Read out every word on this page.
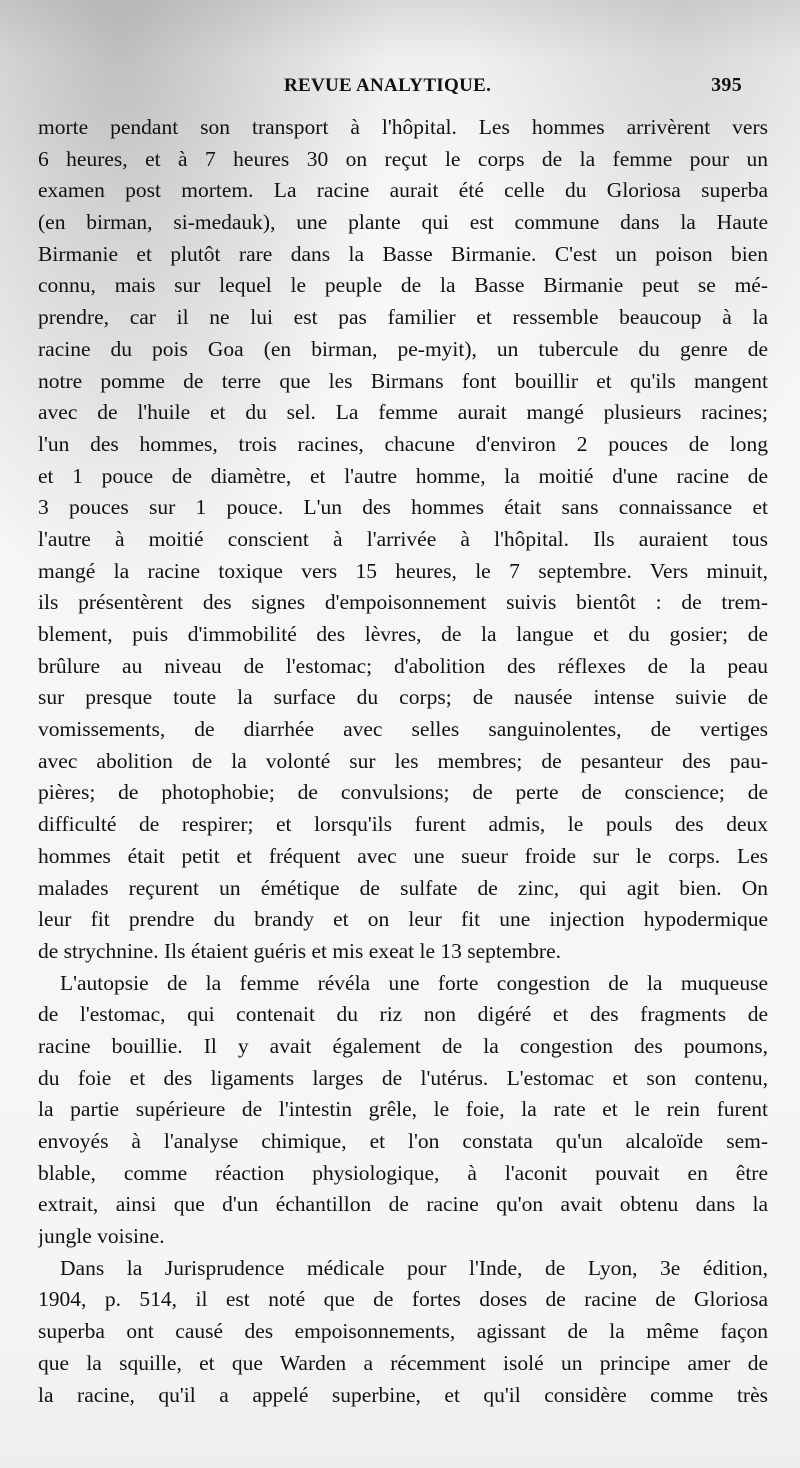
REVUE ANALYTIQUE.	395
morte pendant son transport à l'hôpital. Les hommes arrivèrent vers
6 heures, et à 7 heures 30 on reçut le corps de la femme pour un
examen post mortem. La racine aurait été celle du Gloriosa superba
(en birman, si-medauk), une plante qui est commune dans la Haute
Birmanie et plutôt rare dans la Basse Birmanie. C'est un poison bien
connu, mais sur lequel le peuple de la Basse Birmanie peut se mé-
prendre, car il ne lui est pas familier et ressemble beaucoup à la
racine du pois Goa (en birman, pe-myit), un tubercule du genre de
notre pomme de terre que les Birmans font bouillir et qu'ils mangent
avec de l'huile et du sel. La femme aurait mangé plusieurs racines;
l'un des hommes, trois racines, chacune d'environ 2 pouces de long
et 1 pouce de diamètre, et l'autre homme, la moitié d'une racine de
3 pouces sur 1 pouce. L'un des hommes était sans connaissance et
l'autre à moitié conscient à l'arrivée à l'hôpital. Ils auraient tous
mangé la racine toxique vers 15 heures, le 7 septembre. Vers minuit,
ils présentèrent des signes d'empoisonnement suivis bientôt : de trem-
blement, puis d'immobilité des lèvres, de la langue et du gosier; de
brûlure au niveau de l'estomac; d'abolition des réflexes de la peau
sur presque toute la surface du corps; de nausée intense suivie de
vomissements, de diarrhée avec selles sanguinolentes, de vertiges
avec abolition de la volonté sur les membres; de pesanteur des pau-
pières; de photophobie; de convulsions; de perte de conscience; de
difficulté de respirer; et lorsqu'ils furent admis, le pouls des deux
hommes était petit et fréquent avec une sueur froide sur le corps. Les
malades reçurent un émétique de sulfate de zinc, qui agit bien. On
leur fit prendre du brandy et on leur fit une injection hypodermique
de strychnine. Ils étaient guéris et mis exeat le 13 septembre.
L'autopsie de la femme révéla une forte congestion de la muqueuse
de l'estomac, qui contenait du riz non digéré et des fragments de
racine bouillie. Il y avait également de la congestion des poumons,
du foie et des ligaments larges de l'utérus. L'estomac et son contenu,
la partie supérieure de l'intestin grêle, le foie, la rate et le rein furent
envoyés à l'analyse chimique, et l'on constata qu'un alcaloïde sem-
blable, comme réaction physiologique, à l'aconit pouvait en être
extrait, ainsi que d'un échantillon de racine qu'on avait obtenu dans la
jungle voisine.
Dans la Jurisprudence médicale pour l'Inde, de Lyon, 3e édition,
1904, p. 514, il est noté que de fortes doses de racine de Gloriosa
superba ont causé des empoisonnements, agissant de la même façon
que la squille, et que Warden a récemment isolé un principe amer de
la racine, qu'il a appelé superbine, et qu'il considère comme très
